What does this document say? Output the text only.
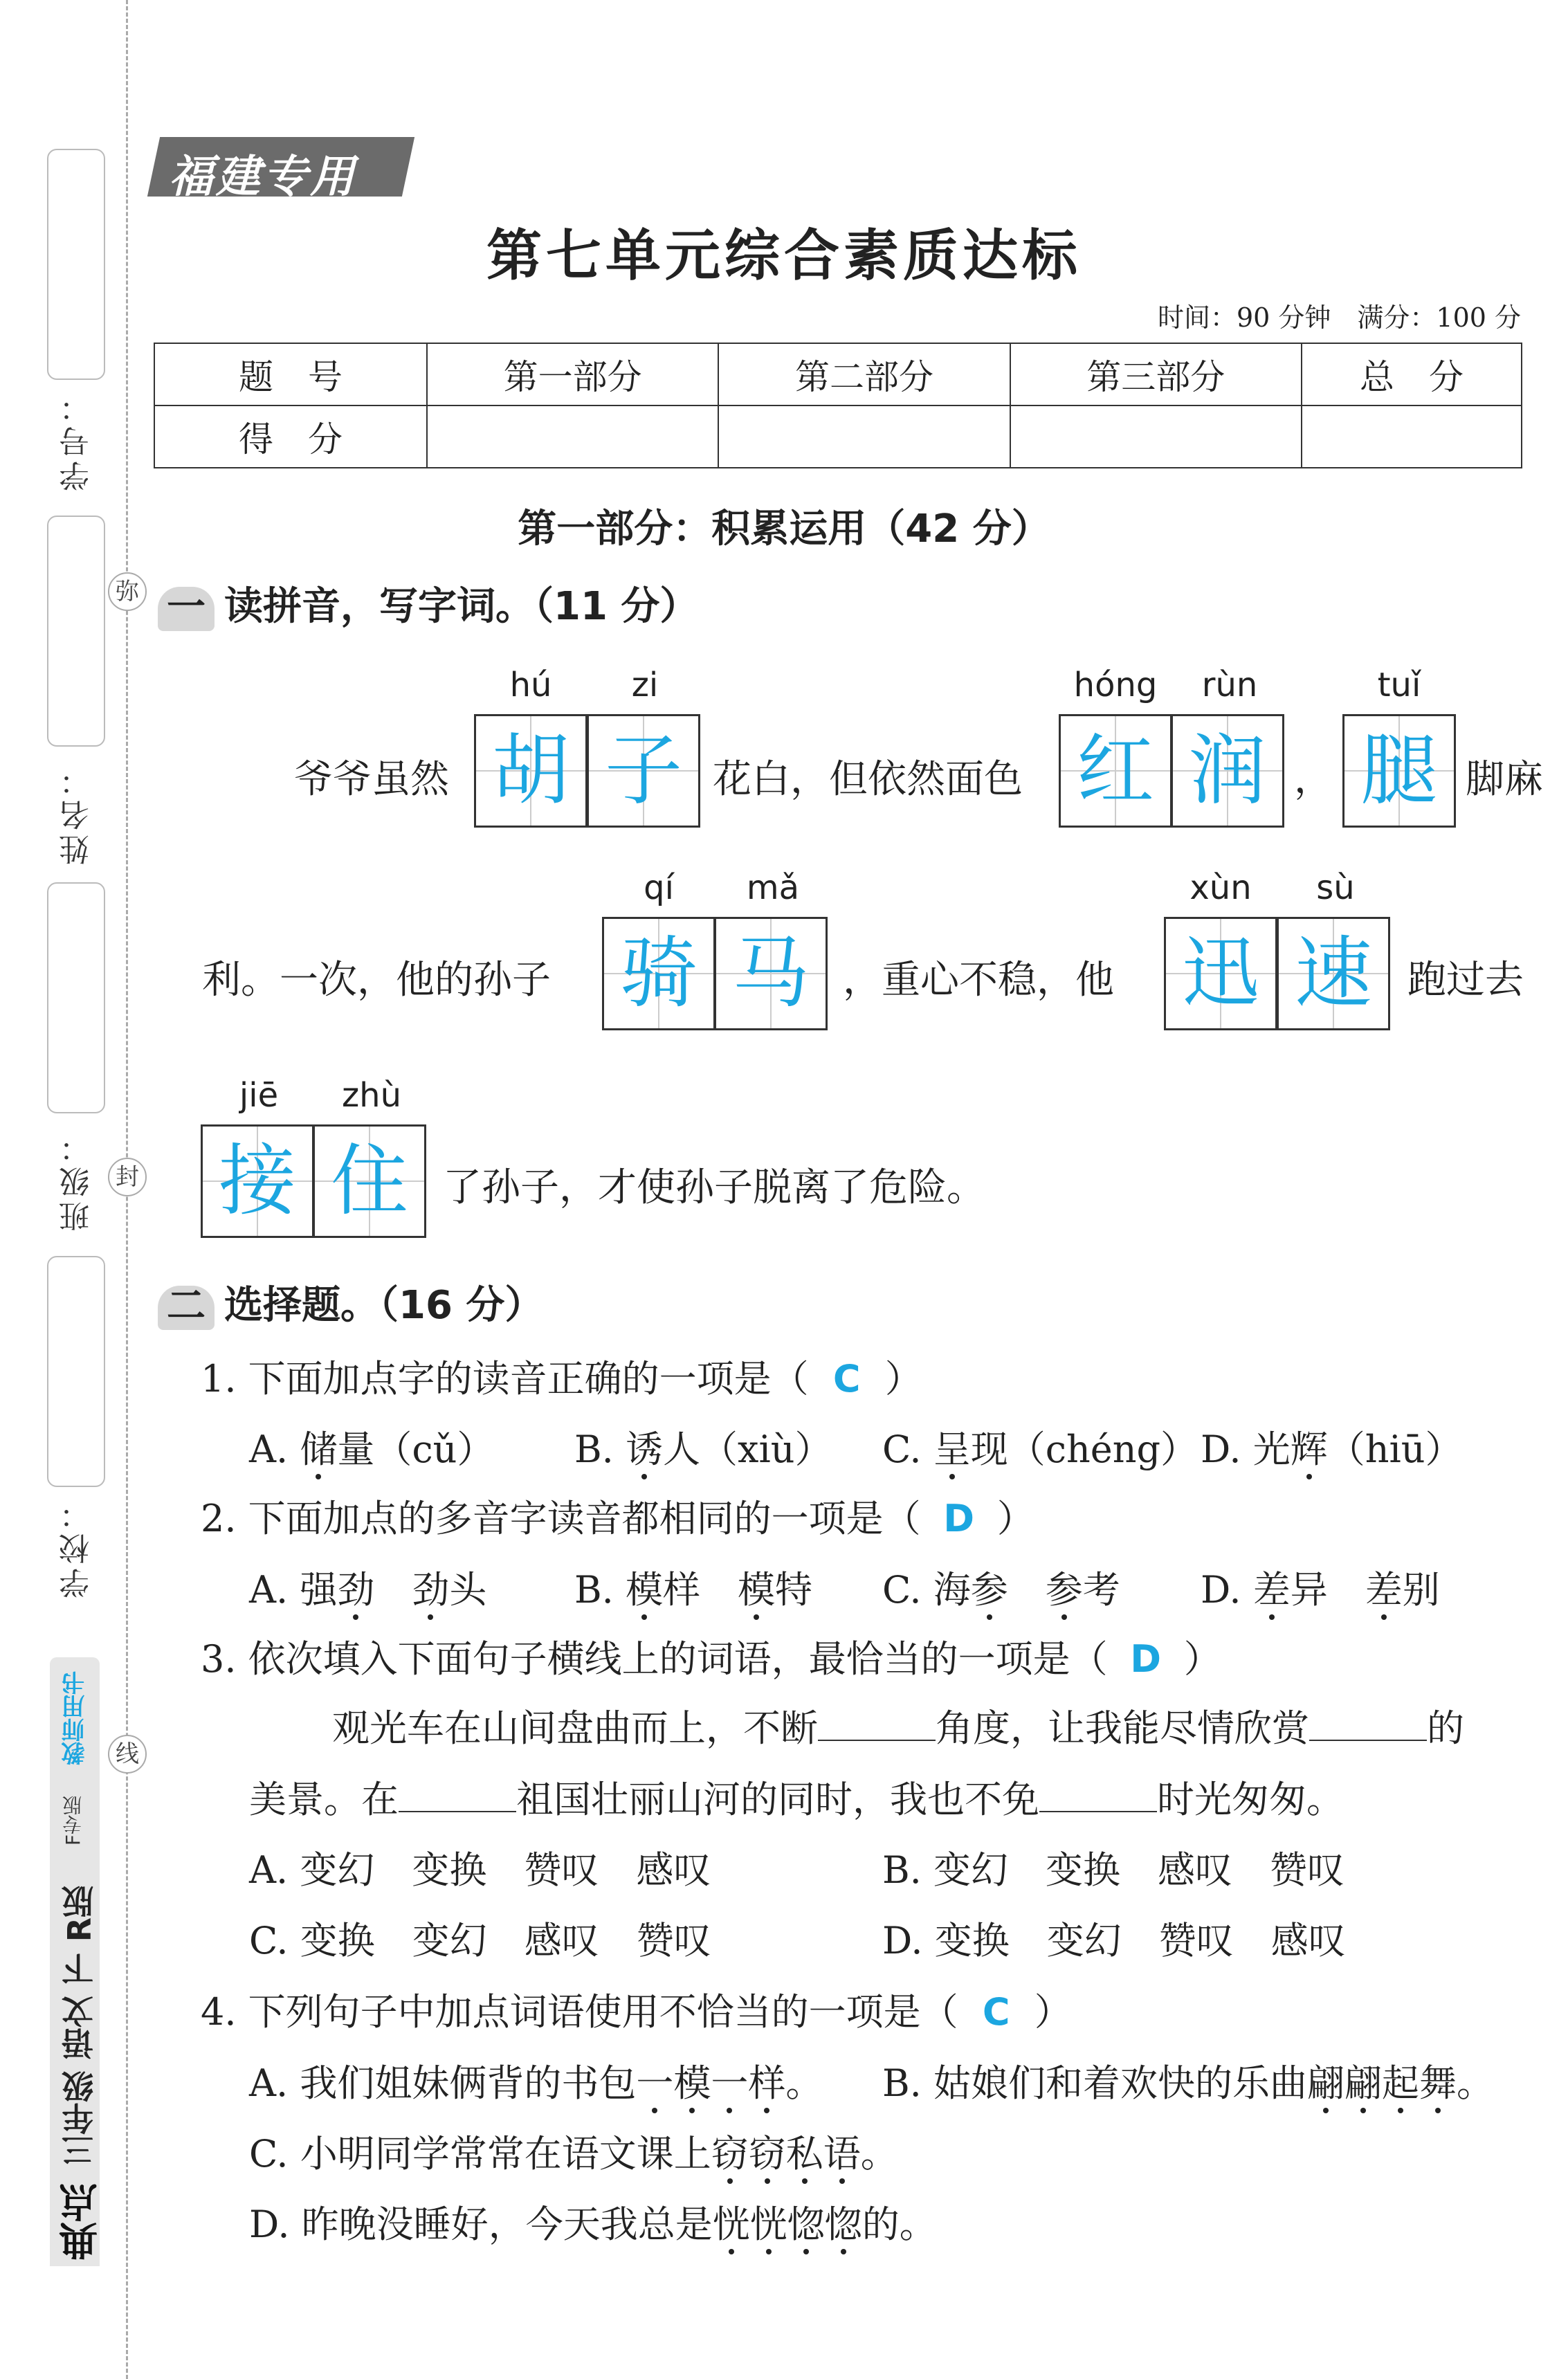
学号：
姓名：
班级：
学校：
教师用书
F专版
三年级 语文 下 R版
典点
弥
封
线
福建专用
第七单元综合素质达标
时间：90 分钟　满分：100 分
题　号	第一部分	第二部分	第三部分	总　分
得　分				
第一部分：积累运用（42 分）
一 读拼音，写字词。（11 分）
爷爷虽然
hú	zi
胡 子 花白，但依然面色
hóng	rùn
红 润 ，
tuǐ
腿 脚麻
利。一次，他的孙子
qí	mǎ
骑 马 ，重心不稳，他
xùn	sù
迅 速 跑过去
jiē	zhù
接 住 了孙子，才使孙子脱离了危险。
二 选择题。（16 分）
1. 下面加点字的读音正确的一项是（ C ）
A. 储量（cǔ） B. 诱人（xiù） C. 呈现（chéng） D. 光辉（hiū）
2. 下面加点的多音字读音都相同的一项是（ D ）
A. 强劲　 劲头 B. 模样　模特 C. 海参　 参考 D. 差异　差别
3. 依次填入下面句子横线上的词语，最恰当的一项是（ D ）
观光车在山间盘曲而上，不断	角度，让我能尽情欣赏	的
美景。在	祖国壮丽山河的同时，我也不免	时光匆匆。
A. 变幻　变换　赞叹　感叹	B. 变幻　变换　感叹　赞叹
C. 变换　变幻　感叹　赞叹	D. 变换　变幻　赞叹　感叹
4. 下列句子中加点词语使用不恰当的一项是（ C ）
A. 我们姐妹俩背的书包一模一样。 B. 姑娘们和着欢快的乐曲翩翩起舞。
C. 小明同学常常在语文课上窃窃私语。
D. 昨晚没睡好，今天我总是恍恍惚惚的。
